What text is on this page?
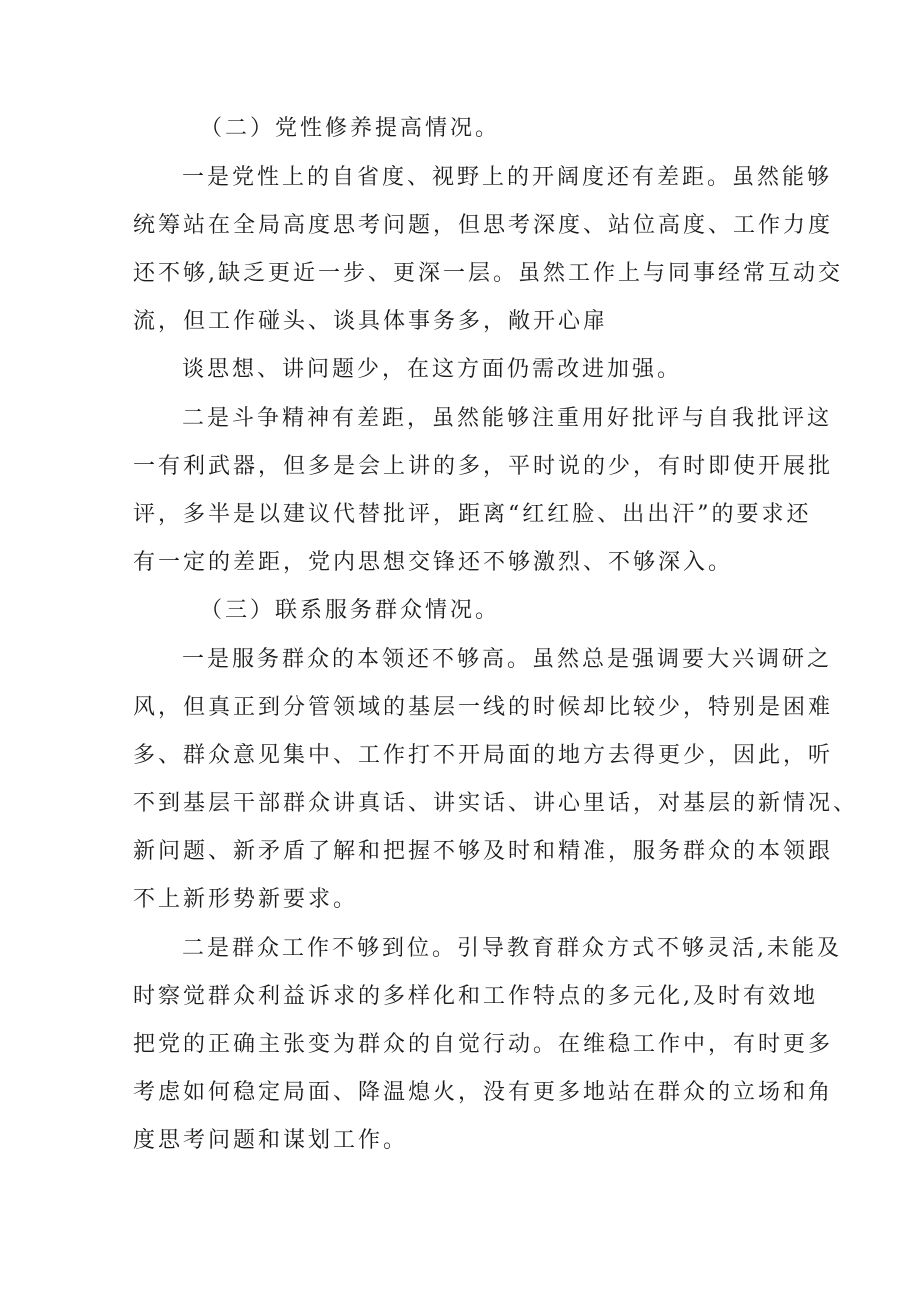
（二）党性修养提高情况。
一是党性上的自省度、视野上的开阔度还有差距。虽然能够
统筹站在全局高度思考问题，但思考深度、站位高度、工作力度
还不够,缺乏更近一步、更深一层。虽然工作上与同事经常互动交
流，但工作碰头、谈具体事务多，敞开心扉
谈思想、讲问题少，在这方面仍需改进加强。
二是斗争精神有差距，虽然能够注重用好批评与自我批评这
一有利武器，但多是会上讲的多，平时说的少，有时即使开展批
评，多半是以建议代替批评，距离“红红脸、出出汗”的要求还
有一定的差距，党内思想交锋还不够激烈、不够深入。
（三）联系服务群众情况。
一是服务群众的本领还不够高。虽然总是强调要大兴调研之
风，但真正到分管领域的基层一线的时候却比较少，特别是困难
多、群众意见集中、工作打不开局面的地方去得更少，因此，听
不到基层干部群众讲真话、讲实话、讲心里话，对基层的新情况、
新问题、新矛盾了解和把握不够及时和精准，服务群众的本领跟
不上新形势新要求。
二是群众工作不够到位。引导教育群众方式不够灵活,未能及
时察觉群众利益诉求的多样化和工作特点的多元化,及时有效地
把党的正确主张变为群众的自觉行动。在维稳工作中，有时更多
考虑如何稳定局面、降温熄火，没有更多地站在群众的立场和角
度思考问题和谋划工作。
